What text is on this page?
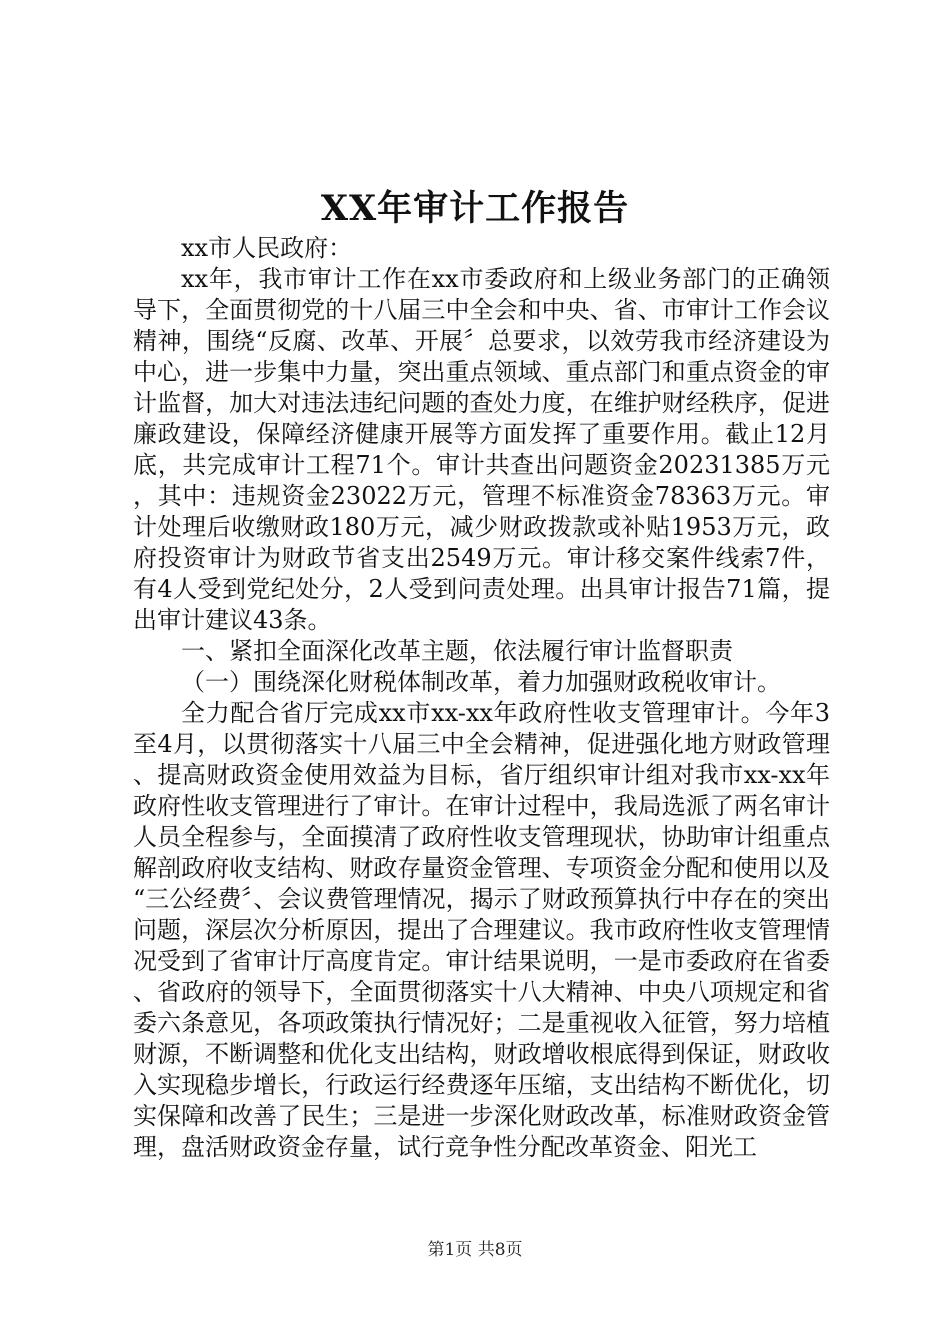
XX年审计工作报告

xx市人民政府：

xx年，我市审计工作在xx市委政府和上级业务部门的正确领导下，全面贯彻党的十八届三中全会和中央、省、市审计工作会议精神，围绕“反腐、改革、开展〞总要求，以效劳我市经济建设为中心，进一步集中力量，突出重点领域、重点部门和重点资金的审计监督，加大对违法违纪问题的查处力度，在维护财经秩序，促进廉政建设，保障经济健康开展等方面发挥了重要作用。截止12月底，共完成审计工程71个。审计共查出问题资金20231385万元，其中：违规资金23022万元，管理不标准资金78363万元。审计处理后收缴财政180万元，减少财政拨款或补贴1953万元，政府投资审计为财政节省支出2549万元。审计移交案件线索7件，有4人受到党纪处分，2人受到问责处理。出具审计报告71篇，提出审计建议43条。

一、紧扣全面深化改革主题，依法履行审计监督职责

（一）围绕深化财税体制改革，着力加强财政税收审计。

全力配合省厅完成xx市xx-xx年政府性收支管理审计。今年3至4月，以贯彻落实十八届三中全会精神，促进强化地方财政管理、提高财政资金使用效益为目标，省厅组织审计组对我市xx-xx年政府性收支管理进行了审计。在审计过程中，我局选派了两名审计人员全程参与，全面摸清了政府性收支管理现状，协助审计组重点解剖政府收支结构、财政存量资金管理、专项资金分配和使用以及“三公经费〞、会议费管理情况，揭示了财政预算执行中存在的突出问题，深层次分析原因，提出了合理建议。我市政府性收支管理情况受到了省审计厅高度肯定。审计结果说明，一是市委政府在省委、省政府的领导下，全面贯彻落实十八大精神、中央八项规定和省委六条意见，各项政策执行情况好；二是重视收入征管，努力培植财源，不断调整和优化支出结构，财政增收根底得到保证，财政收入实现稳步增长，行政运行经费逐年压缩，支出结构不断优化，切实保障和改善了民生；三是进一步深化财政改革，标准财政资金管理，盘活财政资金存量，试行竞争性分配改革资金、阳光工

第1页 共8页
